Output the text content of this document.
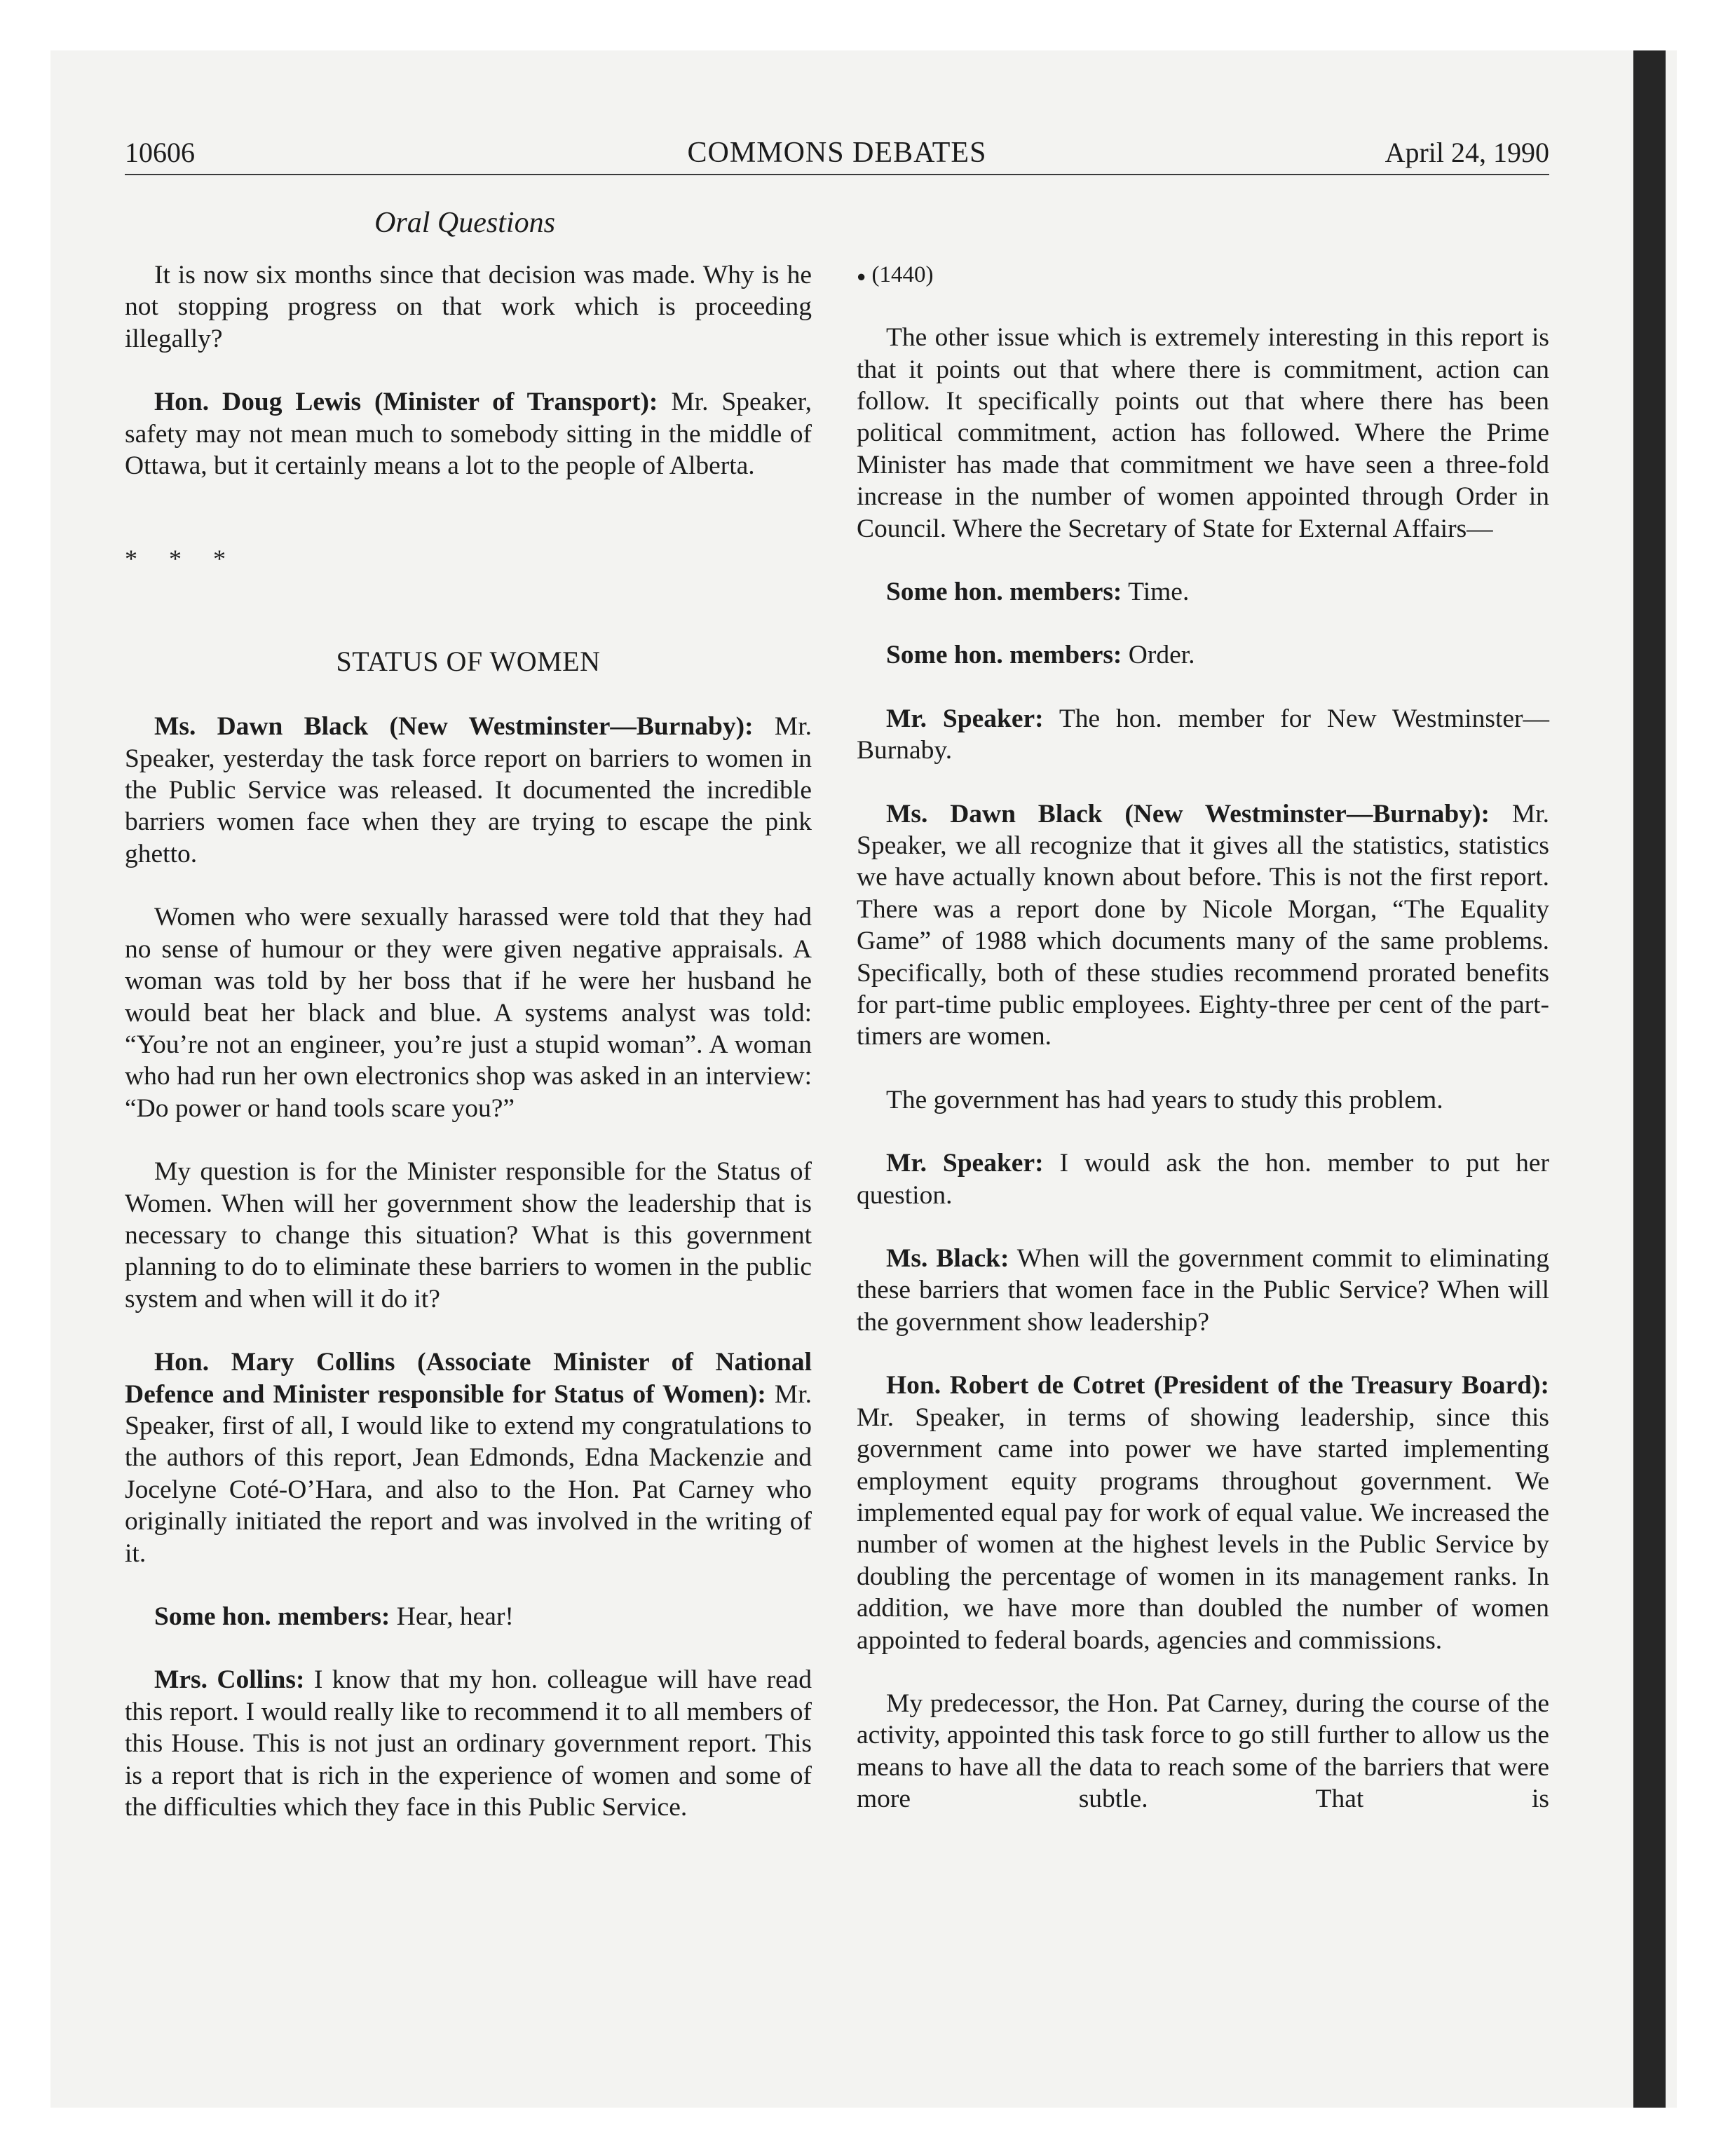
10606	COMMONS DEBATES	April 24, 1990
Oral Questions

It is now six months since that decision was made. Why is he not stopping progress on that work which is proceeding illegally?

Hon. Doug Lewis (Minister of Transport): Mr. Speaker, safety may not mean much to somebody sitting in the middle of Ottawa, but it certainly means a lot to the people of Alberta.

* * *

STATUS OF WOMEN

Ms. Dawn Black (New Westminster—Burnaby): Mr. Speaker, yesterday the task force report on barriers to women in the Public Service was released. It documented the incredible barriers women face when they are trying to escape the pink ghetto.

Women who were sexually harassed were told that they had no sense of humour or they were given negative appraisals. A woman was told by her boss that if he were her husband he would beat her black and blue. A systems analyst was told: “You’re not an engineer, you’re just a stupid woman”. A woman who had run her own electronics shop was asked in an interview: “Do power or hand tools scare you?”

My question is for the Minister responsible for the Status of Women. When will her government show the leadership that is necessary to change this situation? What is this government planning to do to eliminate these barriers to women in the public system and when will it do it?

Hon. Mary Collins (Associate Minister of National Defence and Minister responsible for Status of Women): Mr. Speaker, first of all, I would like to extend my congratulations to the authors of this report, Jean Edmonds, Edna Mackenzie and Jocelyne Coté-O’Hara, and also to the Hon. Pat Carney who originally initiated the report and was involved in the writing of it.

Some hon. members: Hear, hear!

Mrs. Collins: I know that my hon. colleague will have read this report. I would really like to recommend it to all members of this House. This is not just an ordinary government report. This is a report that is rich in the experience of women and some of the difficulties which they face in this Public Service.

● (1440)

The other issue which is extremely interesting in this report is that it points out that where there is commitment, action can follow. It specifically points out that where there has been political commitment, action has followed. Where the Prime Minister has made that commitment we have seen a three-fold increase in the number of women appointed through Order in Council. Where the Secretary of State for External Affairs—

Some hon. members: Time.

Some hon. members: Order.

Mr. Speaker: The hon. member for New Westminster—Burnaby.

Ms. Dawn Black (New Westminster—Burnaby): Mr. Speaker, we all recognize that it gives all the statistics, statistics we have actually known about before. This is not the first report. There was a report done by Nicole Morgan, “The Equality Game” of 1988 which documents many of the same problems. Specifically, both of these studies recommend prorated benefits for part-time public employees. Eighty-three per cent of the part-timers are women.

The government has had years to study this problem.

Mr. Speaker: I would ask the hon. member to put her question.

Ms. Black: When will the government commit to eliminating these barriers that women face in the Public Service? When will the government show leadership?

Hon. Robert de Cotret (President of the Treasury Board): Mr. Speaker, in terms of showing leadership, since this government came into power we have started implementing employment equity programs throughout government. We implemented equal pay for work of equal value. We increased the number of women at the highest levels in the Public Service by doubling the percentage of women in its management ranks. In addition, we have more than doubled the number of women appointed to federal boards, agencies and commissions.

My predecessor, the Hon. Pat Carney, during the course of the activity, appointed this task force to go still further to allow us the means to have all the data to reach some of the barriers that were more subtle. That is
